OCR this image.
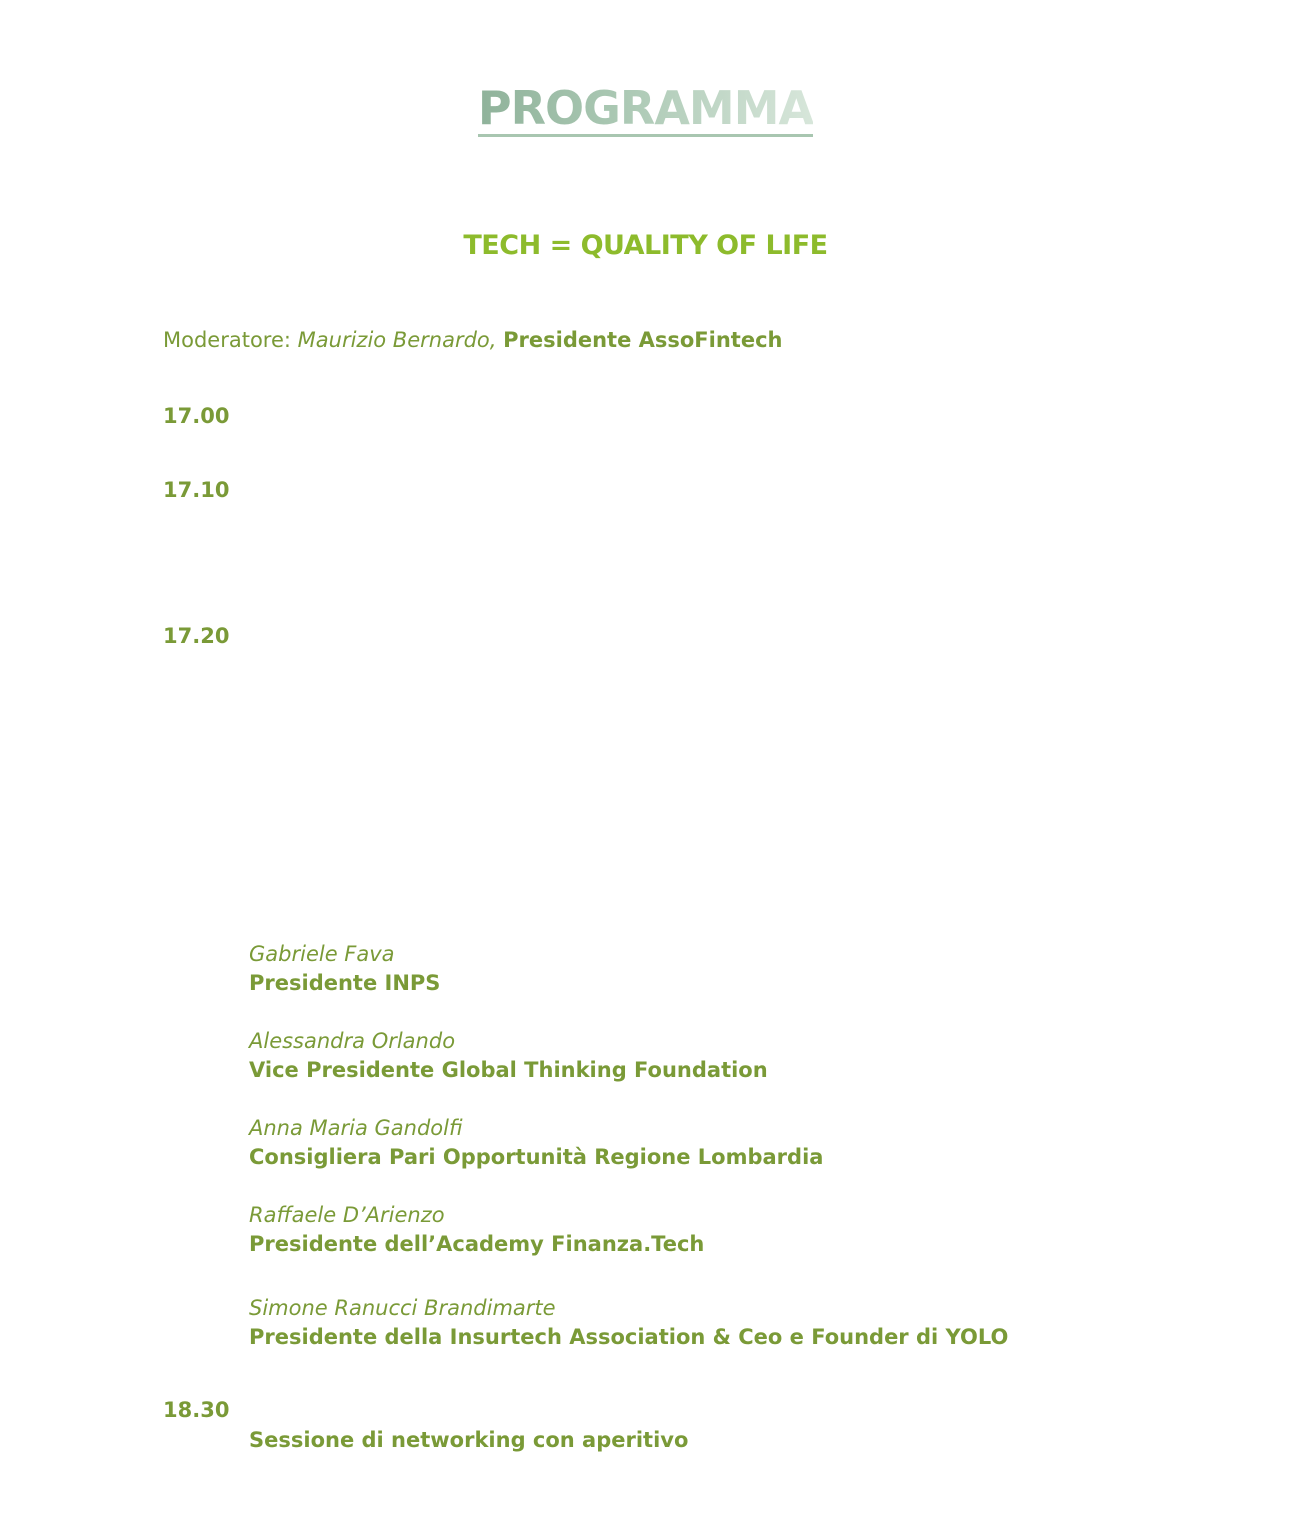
PROGRAMMA
TECH = QUALITY OF LIFE
Moderatore: Maurizio Bernardo, Presidente AssoFintech
17.00
17.10
17.20
Gabriele Fava
Presidente INPS
Alessandra Orlando
Vice Presidente Global Thinking Foundation
Anna Maria Gandolfi
Consigliera Pari Opportunità Regione Lombardia
Raffaele D’Arienzo
Presidente dell’Academy Finanza.Tech
Simone Ranucci Brandimarte
Presidente della Insurtech Association & Ceo e Founder di YOLO
18.30
Sessione di networking con aperitivo
